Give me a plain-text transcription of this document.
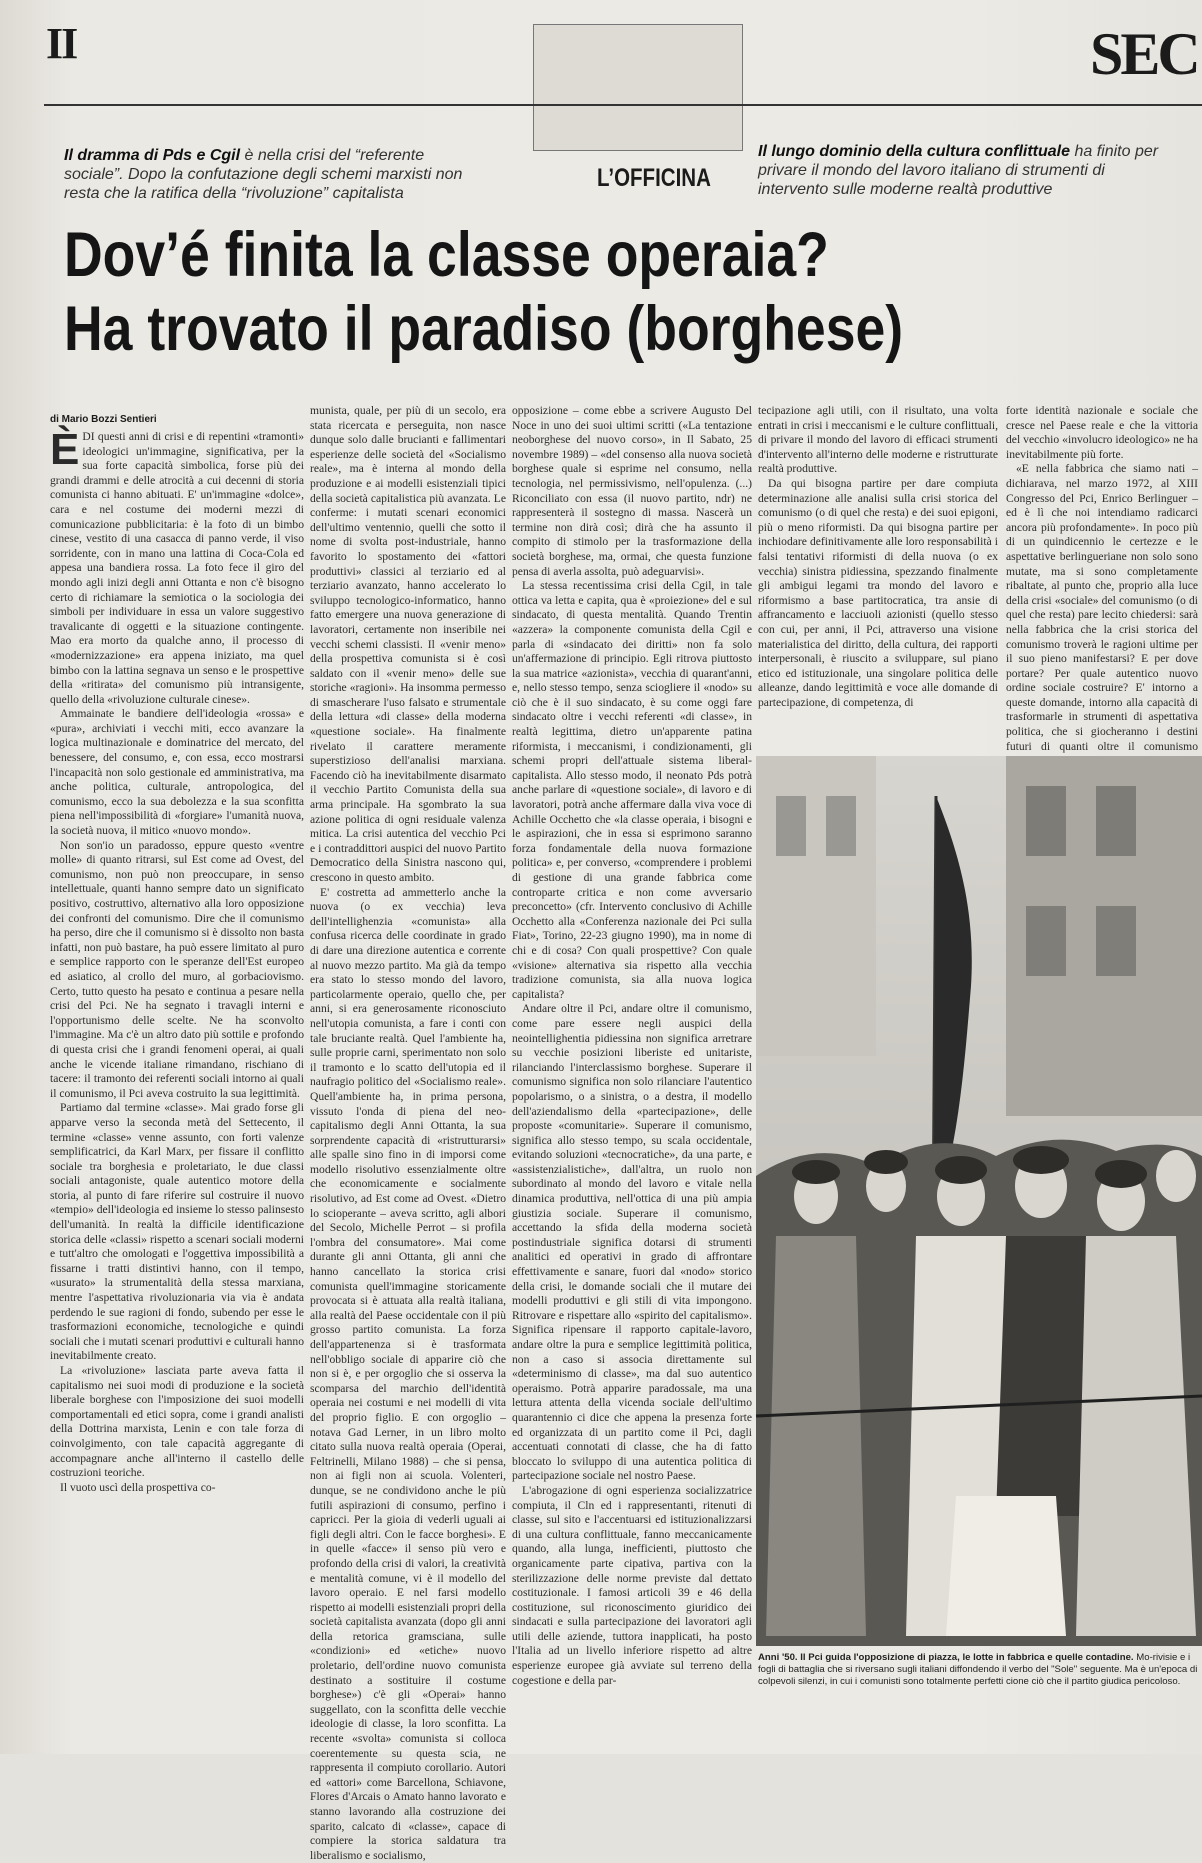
II	SEC
Il dramma di Pds e Cgil è nella crisi del “referente sociale”. Dopo la confutazione degli schemi marxisti non resta che la ratifica della “rivoluzione” capitalista
L’OFFICINA
Il lungo dominio della cultura conflittuale ha finito per privare il mondo del lavoro italiano di strumenti di intervento sulle moderne realtà produttive
Dov’é finita la classe operaia?
Ha trovato il paradiso (borghese)
di Mario Bozzi Sentieri

ÈDI questi anni di crisi e di repentini «tramonti» ideologici un'immagine, significativa, per la sua forte capacità simbolica, forse più dei grandi drammi e delle atrocità a cui decenni di storia comunista ci hanno abituati. E' un'immagine «dolce», cara e nel costume dei moderni mezzi di comunicazione pubblicitaria: è la foto di un bimbo cinese, vestito di una casacca di panno verde, il viso sorridente, con in mano una lattina di Coca-Cola ed appesa una bandiera rossa. La foto fece il giro del mondo agli inizi degli anni Ottanta e non c'è bisogno certo di richiamare la semiotica o la sociologia dei simboli per individuare in essa un valore suggestivo travalicante di oggetti e la situazione contingente. Mao era morto da qualche anno, il processo di «modernizzazione» era appena iniziato, ma quel bimbo con la lattina segnava un senso e le prospettive della «ritirata» del comunismo più intransigente, quello della «rivoluzione culturale cinese».

Ammainate le bandiere dell'ideologia «rossa» e «pura», archiviati i vecchi miti, ecco avanzare la logica multinazionale e dominatrice del mercato, del benessere, del consumo, e, con essa, ecco mostrarsi l'incapacità non solo gestionale ed amministrativa, ma anche politica, culturale, antropologica, del comunismo, ecco la sua debolezza e la sua sconfitta piena nell'impossibilità di «forgiare» l'umanità nuova, la società nuova, il mitico «nuovo mondo».

Non son'io un paradosso, eppure questo «ventre molle» di quanto ritrarsi, sul Est come ad Ovest, del comunismo, non può non preoccupare, in senso intellettuale, quanti hanno sempre dato un significato positivo, costruttivo, alternativo alla loro opposizione dei confronti del comunismo. Dire che il comunismo ha perso, dire che il comunismo si è dissolto non basta infatti, non può bastare, ha può essere limitato al puro e semplice rapporto con le speranze dell'Est europeo ed asiatico, al crollo del muro, al gorbaciovismo. Certo, tutto questo ha pesato e continua a pesare nella crisi del Pci. Ne ha segnato i travagli interni e l'opportunismo delle scelte. Ne ha sconvolto l'immagine. Ma c'è un altro dato più sottile e profondo di questa crisi che i grandi fenomeni operai, ai quali anche le vicende italiane rimandano, rischiano di tacere: il tramonto dei referenti sociali intorno ai quali il comunismo, il Pci aveva costruito la sua legittimità.

Partiamo dal termine «classe». Mai grado forse gli apparve verso la seconda metà del Settecento, il termine «classe» venne assunto, con forti valenze semplificatrici, da Karl Marx, per fissare il conflitto sociale tra borghesia e proletariato, le due classi sociali antagoniste, quale autentico motore della storia, al punto di fare riferire sul costruire il nuovo «tempio» dell'ideologia ed insieme lo stesso palinsesto dell'umanità. In realtà la difficile identificazione storica delle «classi» rispetto a scenari sociali moderni e tutt'altro che omologati e l'oggettiva impossibilità a fissarne i tratti distintivi hanno, con il tempo, «usurato» la strumentalità della stessa marxiana, mentre l'aspettativa rivoluzionaria via via è andata perdendo le sue ragioni di fondo, subendo per esse le trasformazioni economiche, tecnologiche e quindi sociali che i mutati scenari produttivi e culturali hanno inevitabilmente creato.

La «rivoluzione» lasciata parte aveva fatta il capitalismo nei suoi modi di produzione e la società liberale borghese con l'imposizione dei suoi modelli comportamentali ed etici sopra, come i grandi analisti della Dottrina marxista, Lenin e con tale forza di coinvolgimento, con tale capacità aggregante di accompagnare anche all'interno il castello delle costruzioni teoriche.

Il vuoto uscì della prospettiva co-

munista, quale, per più di un secolo, era stata ricercata e perseguita, non nasce dunque solo dalle brucianti e fallimentari esperienze delle società del «Socialismo reale», ma è interna al mondo della produzione e ai modelli esistenziali tipici della società capitalistica più avanzata. Le conferme: i mutati scenari economici dell'ultimo ventennio, quelli che sotto il nome di svolta post-industriale, hanno favorito lo spostamento dei «fattori produttivi» classici al terziario ed al terziario avanzato, hanno accelerato lo sviluppo tecnologico-informatico, hanno fatto emergere una nuova generazione di lavoratori, certamente non inseribile nei vecchi schemi classisti. Il «venir meno» della prospettiva comunista si è così saldato con il «venir meno» delle sue storiche «ragioni». Ha insomma permesso di smascherare l'uso falsato e strumentale della lettura «di classe» della moderna «questione sociale». Ha finalmente rivelato il carattere meramente superstizioso dell'analisi marxiana. Facendo ciò ha inevitabilmente disarmato il vecchio Partito Comunista della sua arma principale. Ha sgombrato la sua azione politica di ogni residuale valenza mitica. La crisi autentica del vecchio Pci e i contraddittori auspici del nuovo Partito Democratico della Sinistra nascono qui, crescono in questo ambito.

E' costretta ad ammetterlo anche la nuova (o ex vecchia) leva dell'intellighenzia «comunista» alla confusa ricerca delle coordinate in grado di dare una direzione autentica e corrente al nuovo mezzo partito. Ma già da tempo era stato lo stesso mondo del lavoro, particolarmente operaio, quello che, per anni, si era generosamente riconosciuto nell'utopia comunista, a fare i conti con tale bruciante realtà. Quel l'ambiente ha, sulle proprie carni, sperimentato non solo il tramonto e lo scatto dell'utopia ed il naufragio politico del «Socialismo reale». Quell'ambiente ha, in prima persona, vissuto l'onda di piena del neo-capitalismo degli Anni Ottanta, la sua sorprendente capacità di «ristrutturarsi» alle spalle sino fino in di imporsi come modello risolutivo essenzialmente oltre che economicamente e socialmente risolutivo, ad Est come ad Ovest. «Dietro lo scioperante – aveva scritto, agli albori del Secolo, Michelle Perrot – si profila l'ombra del consumatore». Mai come durante gli anni Ottanta, gli anni che hanno cancellato la storica crisi comunista quell'immagine storicamente provocata si è attuata alla realtà italiana, alla realtà del Paese occidentale con il più grosso partito comunista. La forza dell'appartenenza si è trasformata nell'obbligo sociale di apparire ciò che non si è, e per orgoglio che si osserva la scomparsa del marchio dell'identità operaia nei costumi e nei modelli di vita del proprio figlio. E con orgoglio – notava Gad Lerner, in un libro molto citato sulla nuova realtà operaia (Operai, Feltrinelli, Milano 1988) – che si pensa, non ai figli non ai scuola. Volenteri, dunque, se ne condividono anche le più futili aspirazioni di consumo, perfino i capricci. Per la gioia di vederli uguali ai figli degli altri. Con le facce borghesi». E in quelle «facce» il senso più vero e profondo della crisi di valori, la creatività e mentalità comune, vi è il modello del lavoro operaio. E nel farsi modello rispetto ai modelli esistenziali propri della società capitalista avanzata (dopo gli anni della retorica gramsciana, sulle «condizioni» ed «etiche» nuovo proletario, dell'ordine nuovo comunista destinato a sostituire il costume borghese») c'è gli «Operai» hanno suggellato, con la sconfitta delle vecchie ideologie di classe, la loro sconfitta. La recente «svolta» comunista si colloca coerentemente su questa scia, ne rappresenta il compiuto corollario. Autori ed «attori» come Barcellona, Schiavone, Flores d'Arcais o Amato hanno lavorato e stanno lavorando alla costruzione dei sparito, calcato di «classe», capace di compiere la storica saldatura tra liberalismo e socialismo,

opposizione – come ebbe a scrivere Augusto Del Noce in uno dei suoi ultimi scritti («La tentazione neoborghese del nuovo corso», in Il Sabato, 25 novembre 1989) – «del consenso alla nuova società borghese quale si esprime nel consumo, nella tecnologia, nel permissivismo, nell'opulenza. (...) Riconciliato con essa (il nuovo partito, ndr) ne rappresenterà il sostegno di massa. Nascerà un termine non dirà così; dirà che ha assunto il compito di stimolo per la trasformazione della società borghese, ma, ormai, che questa funzione pensa di averla assolta, può adeguarvisi».

La stessa recentissima crisi della Cgil, in tale ottica va letta e capita, qua è «proiezione» del e sul sindacato, di questa mentalità. Quando Trentin «azzera» la componente comunista della Cgil e parla di «sindacato dei diritti» non fa solo un'affermazione di principio. Egli ritrova piuttosto la sua matrice «azionista», vecchia di quarant'anni, e, nello stesso tempo, senza sciogliere il «nodo» su ciò che è il suo sindacato, è su come oggi fare sindacato oltre i vecchi referenti «di classe», in realtà legittima, dietro un'apparente patina riformista, i meccanismi, i condizionamenti, gli schemi propri dell'attuale sistema liberal-capitalista. Allo stesso modo, il neonato Pds potrà anche parlare di «questione sociale», di lavoro e di lavoratori, potrà anche affermare dalla viva voce di Achille Occhetto che «la classe operaia, i bisogni e le aspirazioni, che in essa si esprimono saranno forza fondamentale della nuova formazione politica» e, per converso, «comprendere i problemi di gestione di una grande fabbrica come controparte critica e non come avversario preconcetto» (cfr. Intervento conclusivo di Achille Occhetto alla «Conferenza nazionale dei Pci sulla Fiat», Torino, 22-23 giugno 1990), ma in nome di chi e di cosa? Con quali prospettive? Con quale «visione» alternativa sia rispetto alla vecchia tradizione comunista, sia alla nuova logica capitalista?

Andare oltre il Pci, andare oltre il comunismo, come pare essere negli auspici della neointellighentia pidiessina non significa arretrare su vecchie posizioni liberiste ed unitariste, rilanciando l'interclassismo borghese. Superare il comunismo significa non solo rilanciare l'autentico popolarismo, o a sinistra, o a destra, il modello dell'aziendalismo della «partecipazione», delle proposte «comunitarie». Superare il comunismo, significa allo stesso tempo, su scala occidentale, evitando soluzioni «tecnocratiche», da una parte, e «assistenzialistiche», dall'altra, un ruolo non subordinato al mondo del lavoro e vitale nella dinamica produttiva, nell'ottica di una più ampia giustizia sociale. Superare il comunismo, accettando la sfida della moderna società postindustriale significa dotarsi di strumenti analitici ed operativi in grado di affrontare effettivamente e sanare, fuori dal «nodo» storico della crisi, le domande sociali che il mutare dei modelli produttivi e gli stili di vita impongono. Ritrovare e rispettare allo «spirito del capitalismo». Significa ripensare il rapporto capitale-lavoro, andare oltre la pura e semplice legittimità politica, non a caso si associa direttamente sul «determinismo di classe», ma dal suo autentico operaismo. Potrà apparire paradossale, ma una lettura attenta della vicenda sociale dell'ultimo quarantennio ci dice che appena la presenza forte ed organizzata di un partito come il Pci, dagli accentuati connotati di classe, che ha di fatto bloccato lo sviluppo di una autentica politica di partecipazione sociale nel nostro Paese.

L'abrogazione di ogni esperienza socializzatrice compiuta, il Cln ed i rappresentanti, ritenuti di classe, sul sito e l'accentuarsi ed istituzionalizzarsi di una cultura conflittuale, fanno meccanicamente quando, alla lunga, inefficienti, piuttosto che organicamente parte cipativa, partiva con la sterilizzazione delle norme previste dal dettato costituzionale. I famosi articoli 39 e 46 della costituzione, sul riconoscimento giuridico dei sindacati e sulla partecipazione dei lavoratori agli utili delle aziende, tuttora inapplicati, ha posto l'Italia ad un livello inferiore rispetto ad altre esperienze europee già avviate sul terreno della cogestione e della par-

tecipazione agli utili, con il risultato, una volta entrati in crisi i meccanismi e le culture conflittuali, di privare il mondo del lavoro di efficaci strumenti d'intervento all'interno delle moderne e ristrutturate realtà produttive.

Da qui bisogna partire per dare compiuta determinazione alle analisi sulla crisi storica del comunismo (o di quel che resta) e dei suoi epigoni, più o meno riformisti. Da qui bisogna partire per inchiodare definitivamente alle loro responsabilità i falsi tentativi riformisti di della nuova (o ex vecchia) sinistra pidiessina, spezzando finalmente gli ambigui legami tra mondo del lavoro e riformismo a base partitocratica, tra ansie di affrancamento e lacciuoli azionisti (quello stesso con cui, per anni, il Pci, attraverso una visione materialistica del diritto, della cultura, dei rapporti interpersonali, è riuscito a sviluppare, sul piano etico ed istituzionale, una singolare politica delle alleanze, dando legittimità e voce alle domande di partecipazione, di competenza, di

forte identità nazionale e sociale che cresce nel Paese reale e che la vittoria del vecchio «involucro ideologico» ne ha inevitabilmente più forte.

«E nella fabbrica che siamo nati – dichiarava, nel marzo 1972, al XIII Congresso del Pci, Enrico Berlinguer – ed è lì che noi intendiamo radicarci ancora più profondamente». In poco più di un quindicennio le certezze e le aspettative berlingueriane non solo sono mutate, ma si sono completamente ribaltate, al punto che, proprio alla luce della crisi «sociale» del comunismo (o di quel che resta) pare lecito chiedersi: sarà nella fabbrica che la crisi storica del comunismo troverà le ragioni ultime per il suo pieno manifestarsi? E per dove portare? Per quale autentico nuovo ordine sociale costruire? E' intorno a queste domande, intorno alla capacità di trasformarle in strumenti di aspettativa politica, che si giocheranno i destini futuri di quanti oltre il comunismo

Anni '50. Il Pci guida l'opposizione di piazza, le lotte in fabbrica e quelle contadine. Mo-rivisie e i fogli di battaglia che si riversano sugli italiani diffondendo il verbo del "Sole" seguente. Ma è un'epoca di colpevoli silenzi, in cui i comunisti sono totalmente perfetti cione ciò che il partito giudica pericoloso.
